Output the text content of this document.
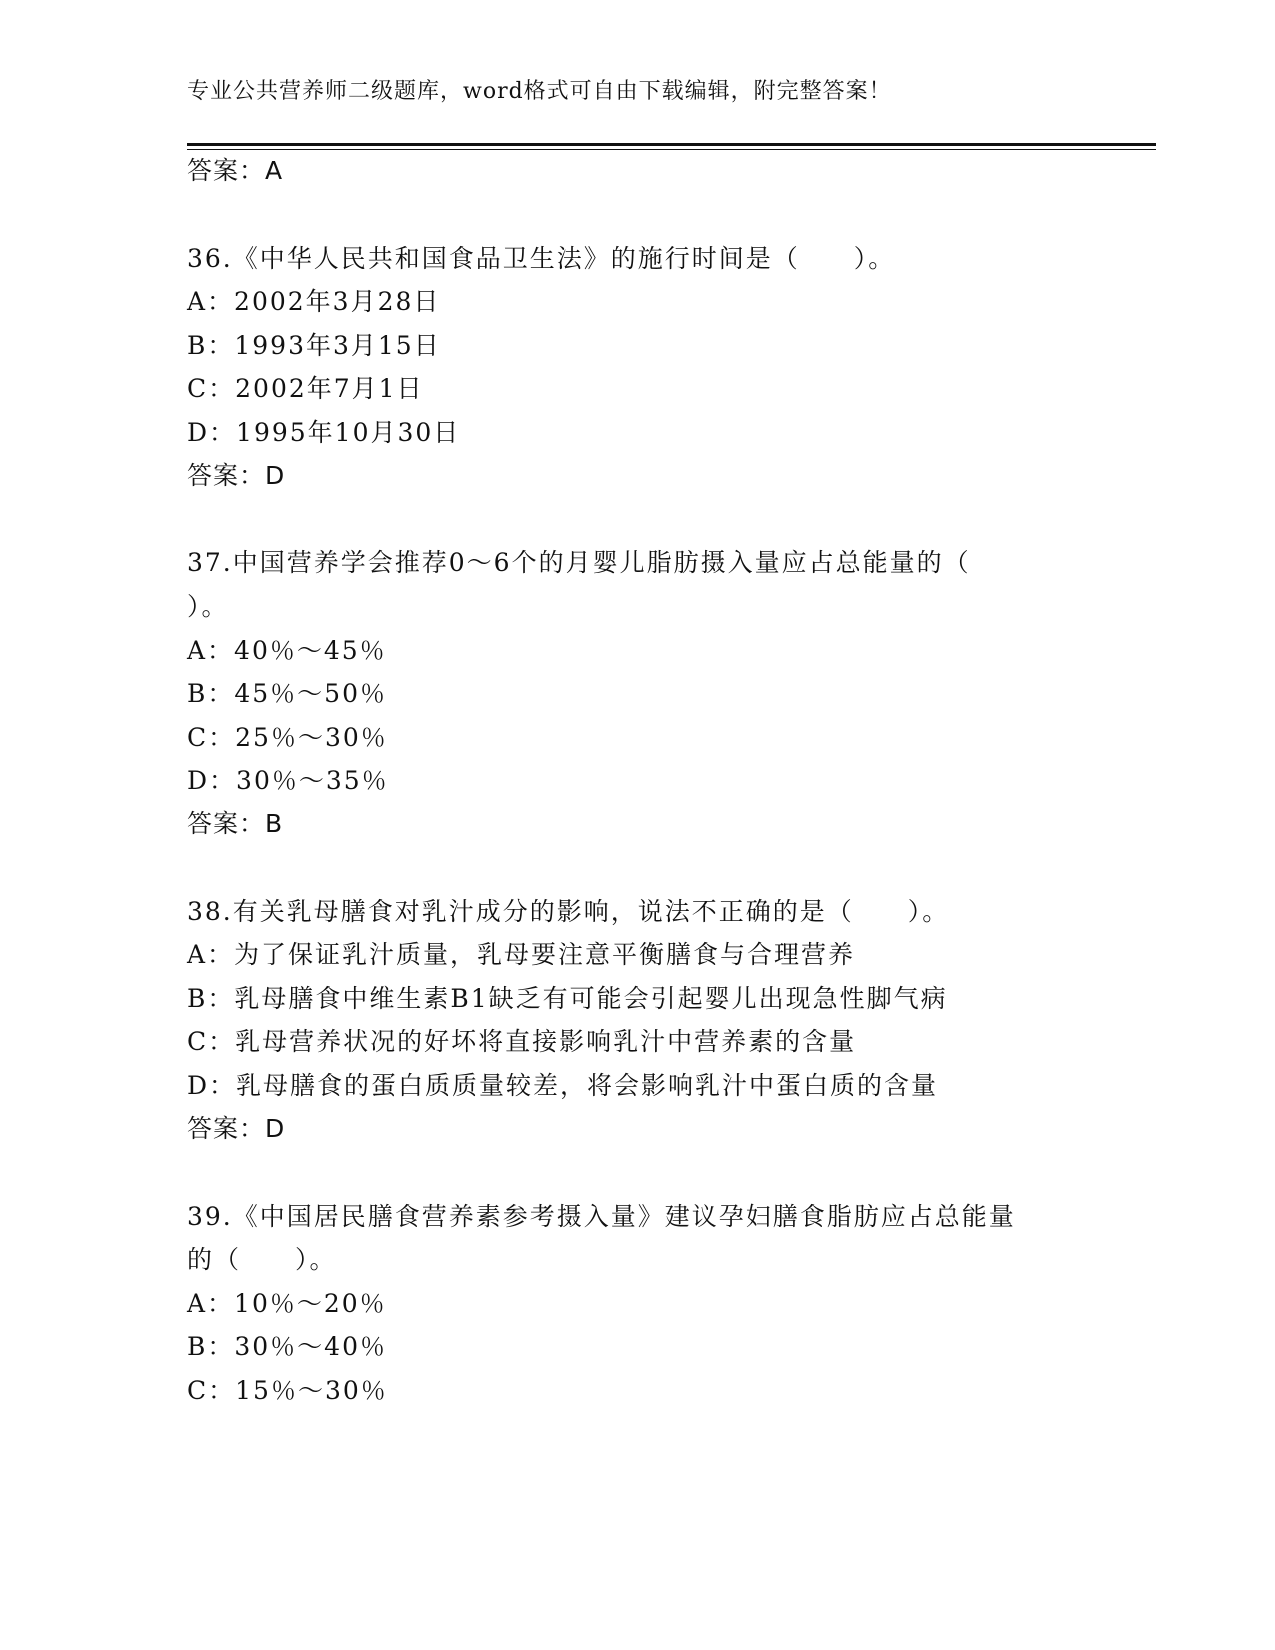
专业公共营养师二级题库，word格式可自由下载编辑，附完整答案！
答案：A
36.《中华人民共和国食品卫生法》的施行时间是（　　）。
A：2002年3月28日
B：1993年3月15日
C：2002年7月1日
D：1995年10月30日
答案：D
37.中国营养学会推荐0～6个的月婴儿脂肪摄入量应占总能量的（
）。
A：40％～45％
B：45％～50％
C：25％～30％
D：30％～35％
答案：B
38.有关乳母膳食对乳汁成分的影响，说法不正确的是（　　）。
A：为了保证乳汁质量，乳母要注意平衡膳食与合理营养
B：乳母膳食中维生素B1缺乏有可能会引起婴儿出现急性脚气病
C：乳母营养状况的好坏将直接影响乳汁中营养素的含量
D：乳母膳食的蛋白质质量较差，将会影响乳汁中蛋白质的含量
答案：D
39.《中国居民膳食营养素参考摄入量》建议孕妇膳食脂肪应占总能量
的（　　）。
A：10％～20％
B：30％～40％
C：15％～30％
